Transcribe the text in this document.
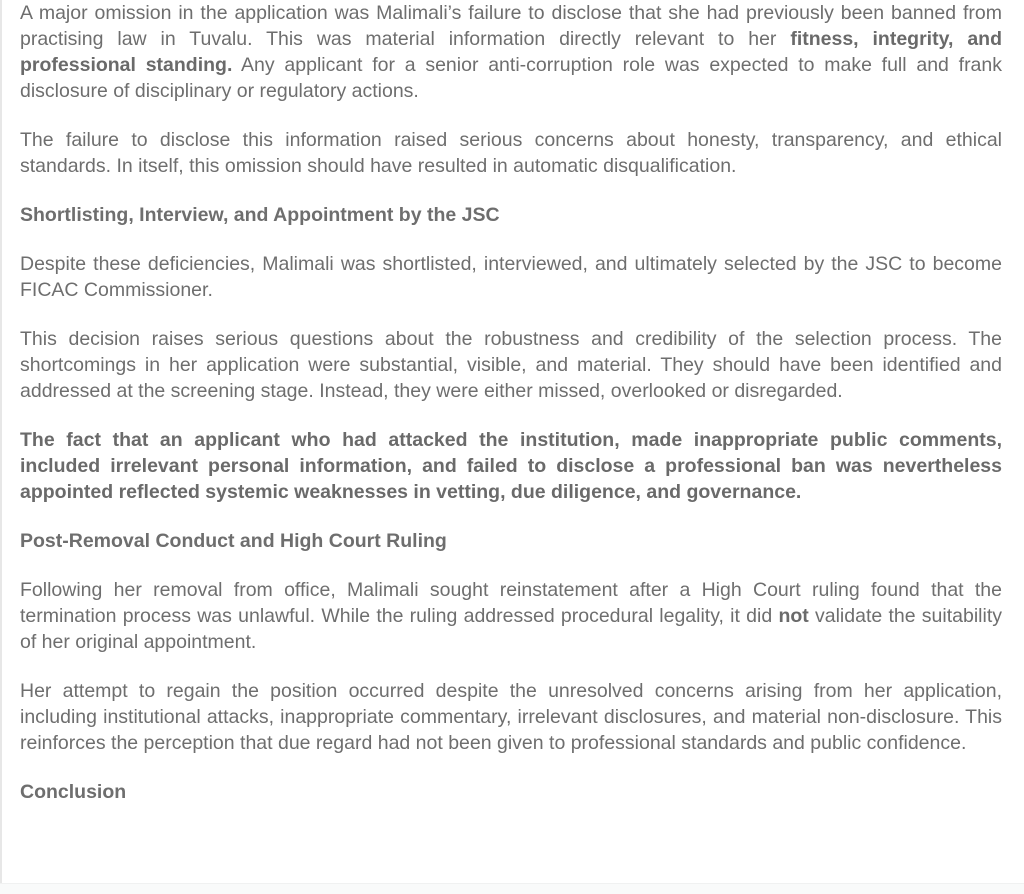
A major omission in the application was Malimali’s failure to disclose that she had previously been banned from practising law in Tuvalu. This was material information directly relevant to her fitness, integrity, and professional standing. Any applicant for a senior anti-corruption role was expected to make full and frank disclosure of disciplinary or regulatory actions.

The failure to disclose this information raised serious concerns about honesty, transparency, and ethical standards. In itself, this omission should have resulted in automatic disqualification.

Shortlisting, Interview, and Appointment by the JSC

Despite these deficiencies, Malimali was shortlisted, interviewed, and ultimately selected by the JSC to become FICAC Commissioner.

This decision raises serious questions about the robustness and credibility of the selection process. The shortcomings in her application were substantial, visible, and material. They should have been identified and addressed at the screening stage. Instead, they were either missed, overlooked or disregarded.

The fact that an applicant who had attacked the institution, made inappropriate public comments, included irrelevant personal information, and failed to disclose a professional ban was nevertheless appointed reflected systemic weaknesses in vetting, due diligence, and governance.

Post-Removal Conduct and High Court Ruling

Following her removal from office, Malimali sought reinstatement after a High Court ruling found that the termination process was unlawful. While the ruling addressed procedural legality, it did not validate the suitability of her original appointment.

Her attempt to regain the position occurred despite the unresolved concerns arising from her application, including institutional attacks, inappropriate commentary, irrelevant disclosures, and material non-disclosure. This reinforces the perception that due regard had not been given to professional standards and public confidence.

Conclusion
